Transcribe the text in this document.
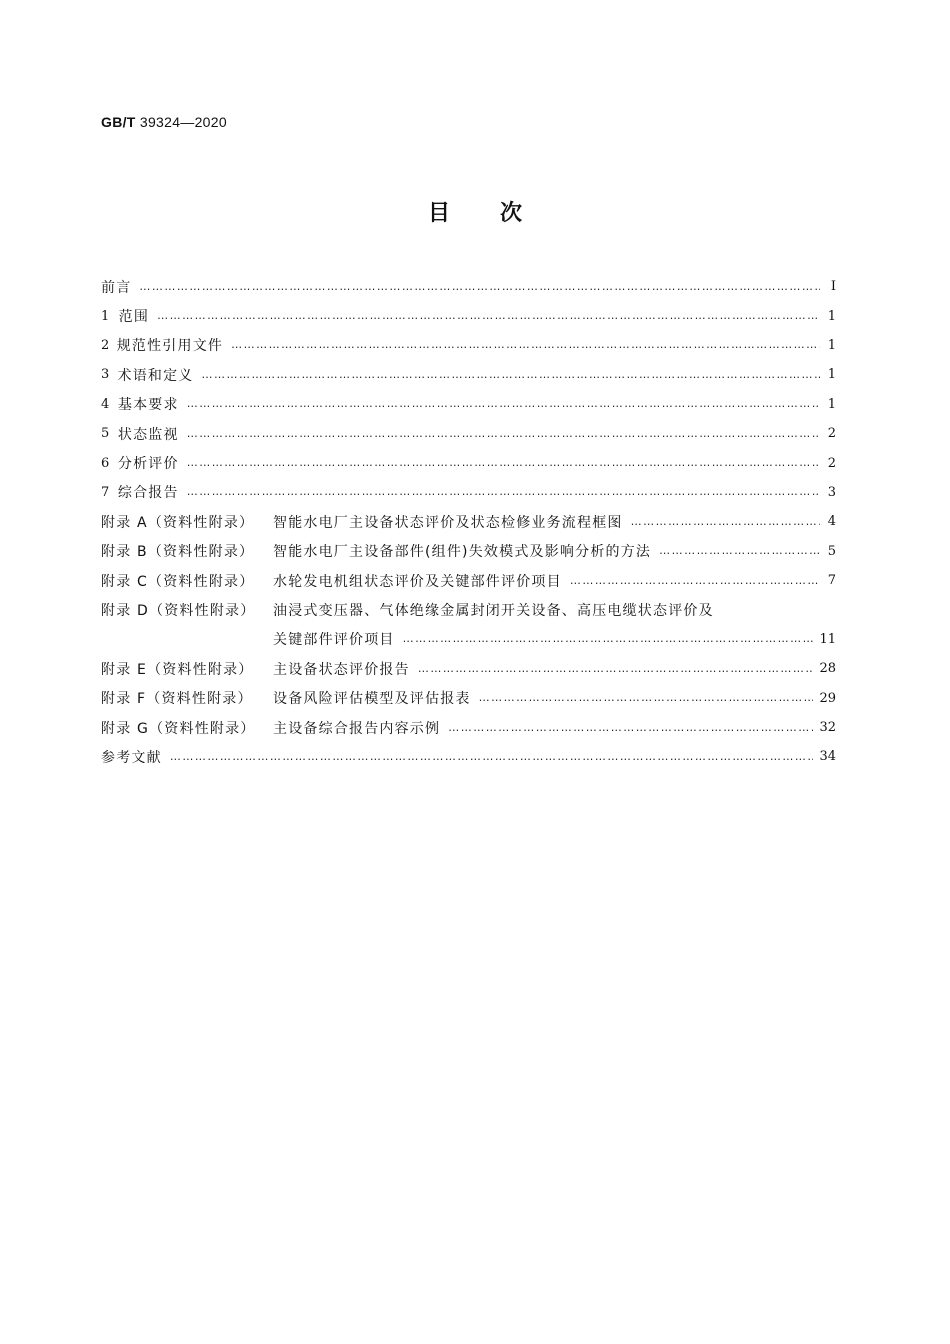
GB/T 39324—2020
目次
前言 ………………………………………………………………………………………………………………………………………………………………………………………………………………	Ⅰ
1 范围 ………………………………………………………………………………………………………………………………………………………………………………………………………………	1
2 规范性引用文件 ………………………………………………………………………………………………………………………………………………………………………………………………………………	1
3 术语和定义 ………………………………………………………………………………………………………………………………………………………………………………………………………………	1
4 基本要求 ………………………………………………………………………………………………………………………………………………………………………………………………………………	1
5 状态监视 ………………………………………………………………………………………………………………………………………………………………………………………………………………	2
6 分析评价 ………………………………………………………………………………………………………………………………………………………………………………………………………………	2
7 综合报告 ………………………………………………………………………………………………………………………………………………………………………………………………………………	3
附录 A（资料性附录）	智能水电厂主设备状态评价及状态检修业务流程框图 ………………………………………………………………………………………………………………………………………………………………………………………………………………	4
附录 B（资料性附录）	智能水电厂主设备部件(组件)失效模式及影响分析的方法 ………………………………………………………………………………………………………………………………………………………………………………………………………………	5
附录 C（资料性附录）	水轮发电机组状态评价及关键部件评价项目 ………………………………………………………………………………………………………………………………………………………………………………………………………………	7
附录 D（资料性附录）	油浸式变压器、气体绝缘金属封闭开关设备、高压电缆状态评价及
关键部件评价项目 ………………………………………………………………………………………………………………………………………………………………………………………………………………	11
附录 E（资料性附录）	主设备状态评价报告 ………………………………………………………………………………………………………………………………………………………………………………………………………………	28
附录 F（资料性附录）	设备风险评估模型及评估报表 ………………………………………………………………………………………………………………………………………………………………………………………………………………	29
附录 G（资料性附录）	主设备综合报告内容示例 ………………………………………………………………………………………………………………………………………………………………………………………………………………	32
参考文献 ………………………………………………………………………………………………………………………………………………………………………………………………………………	34
